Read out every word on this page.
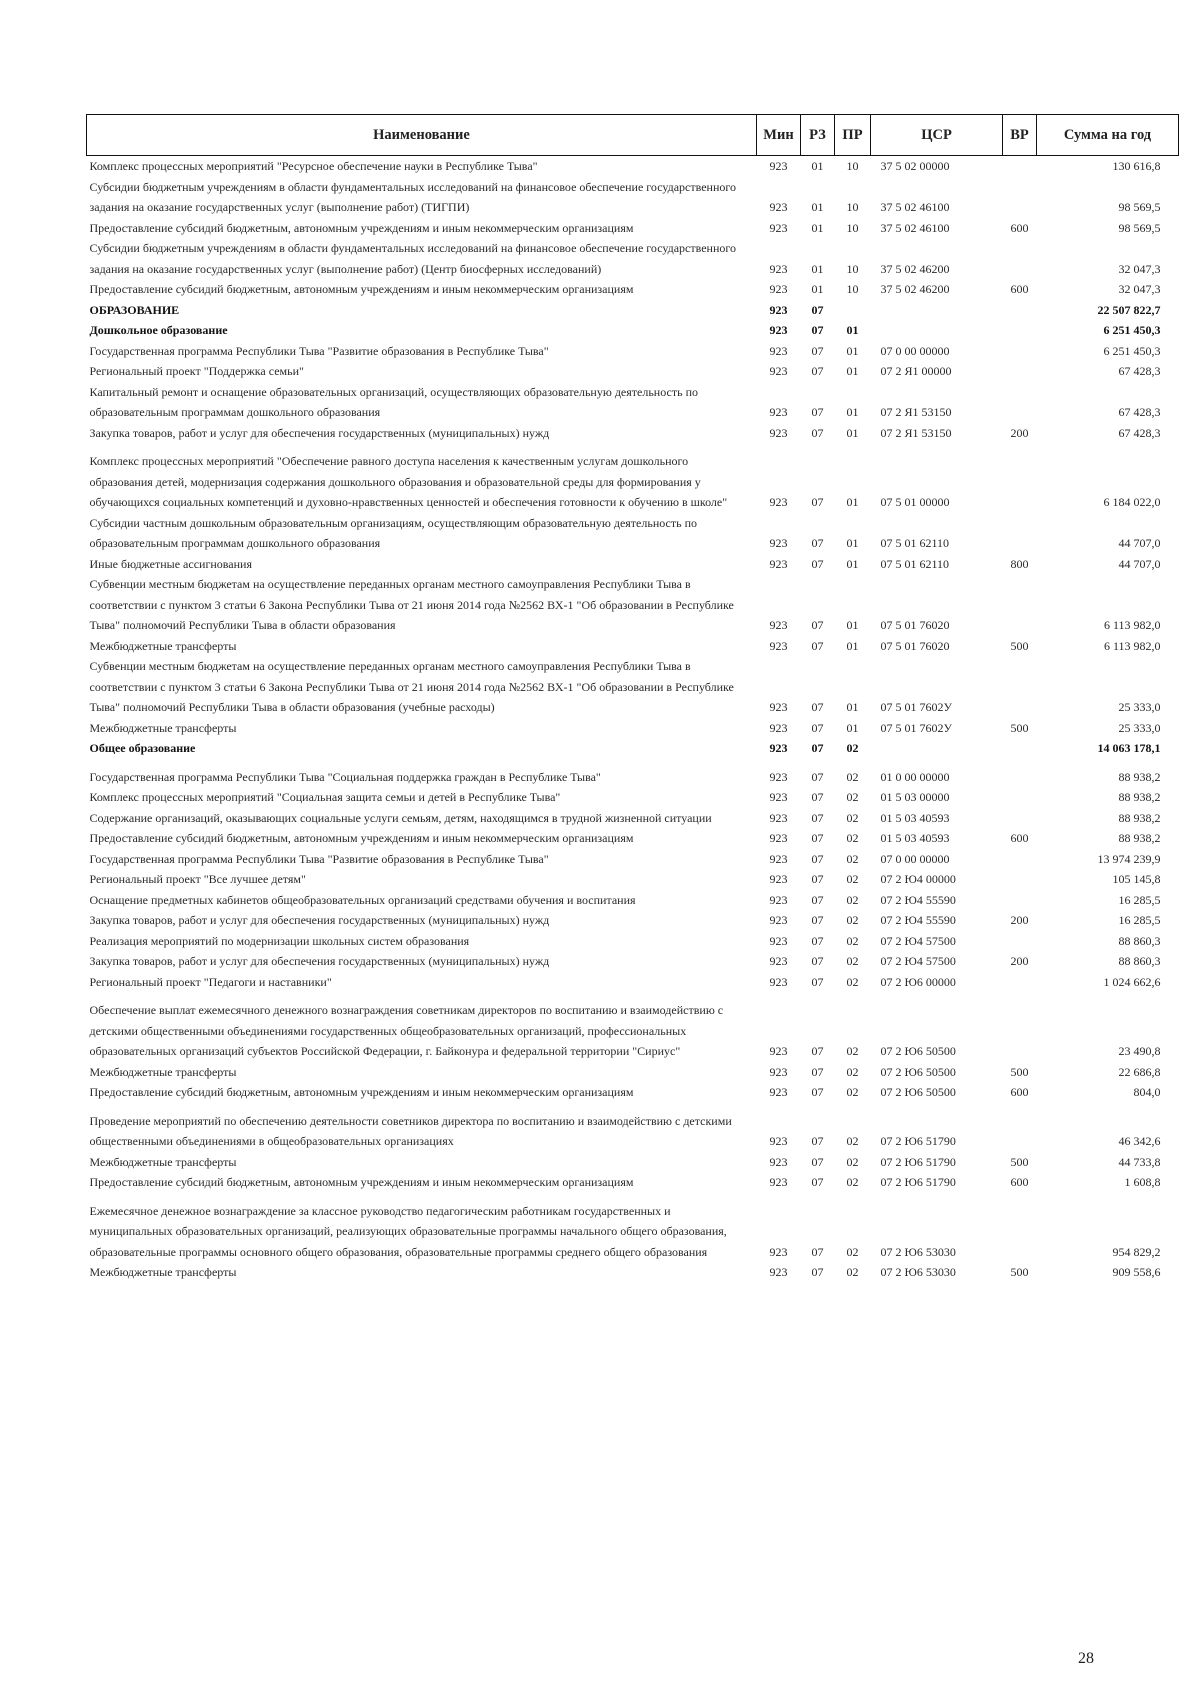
Наименование	Мин	РЗ	ПР	ЦСР	ВР	Сумма на год
Комплекс процессных мероприятий "Ресурсное обеспечение науки в Республике Тыва"	923	01	10	37 5 02 00000		130 616,8
Субсидии бюджетным учреждениям в области фундаментальных исследований на финансовое обеспечение государственного задания на оказание государственных услуг (выполнение работ) (ТИГПИ)	923	01	10	37 5 02 46100		98 569,5
Предоставление субсидий бюджетным, автономным учреждениям и иным некоммерческим организациям	923	01	10	37 5 02 46100	600	98 569,5
Субсидии бюджетным учреждениям в области фундаментальных исследований на финансовое обеспечение государственного задания на оказание государственных услуг (выполнение работ) (Центр биосферных исследований)	923	01	10	37 5 02 46200		32 047,3
Предоставление субсидий бюджетным, автономным учреждениям и иным некоммерческим организациям	923	01	10	37 5 02 46200	600	32 047,3
ОБРАЗОВАНИЕ	923	07				22 507 822,7
Дошкольное образование	923	07	01			6 251 450,3
Государственная программа Республики Тыва "Развитие образования в Республике Тыва"	923	07	01	07 0 00 00000		6 251 450,3
Региональный проект "Поддержка семьи"	923	07	01	07 2 Я1 00000		67 428,3
Капитальный ремонт и оснащение образовательных организаций, осуществляющих образовательную деятельность по образовательным программам дошкольного образования	923	07	01	07 2 Я1 53150		67 428,3
Закупка товаров, работ и услуг для обеспечения государственных (муниципальных) нужд	923	07	01	07 2 Я1 53150	200	67 428,3
Комплекс процессных мероприятий "Обеспечение равного доступа населения к качественным услугам дошкольного образования детей, модернизация содержания дошкольного образования и образовательной среды для формирования у обучающихся социальных компетенций и духовно-нравственных ценностей и обеспечения готовности к обучению в школе"	923	07	01	07 5 01 00000		6 184 022,0
Субсидии частным дошкольным образовательным организациям, осуществляющим образовательную деятельность по образовательным программам дошкольного образования	923	07	01	07 5 01 62110		44 707,0
Иные бюджетные ассигнования	923	07	01	07 5 01 62110	800	44 707,0
Субвенции местным бюджетам на осуществление переданных органам местного самоуправления Республики Тыва в соответствии с пунктом 3 статьи 6 Закона Республики Тыва от 21 июня 2014 года №2562 ВХ-1 "Об образовании в Республике Тыва" полномочий Республики Тыва в области образования	923	07	01	07 5 01 76020		6 113 982,0
Межбюджетные трансферты	923	07	01	07 5 01 76020	500	6 113 982,0
Субвенции местным бюджетам на осуществление переданных органам местного самоуправления Республики Тыва в соответствии с пунктом 3 статьи 6 Закона Республики Тыва от 21 июня 2014 года №2562 ВХ-1 "Об образовании в Республике Тыва" полномочий Республики Тыва в области образования (учебные расходы)	923	07	01	07 5 01 7602У		25 333,0
Межбюджетные трансферты	923	07	01	07 5 01 7602У	500	25 333,0
Общее образование	923	07	02			14 063 178,1
Государственная программа Республики Тыва "Социальная поддержка граждан в Республике Тыва"	923	07	02	01 0 00 00000		88 938,2
Комплекс процессных мероприятий "Социальная защита семьи и детей в Республике Тыва"	923	07	02	01 5 03 00000		88 938,2
Содержание организаций, оказывающих социальные услуги семьям, детям, находящимся в трудной жизненной ситуации	923	07	02	01 5 03 40593		88 938,2
Предоставление субсидий бюджетным, автономным учреждениям и иным некоммерческим организациям	923	07	02	01 5 03 40593	600	88 938,2
Государственная программа Республики Тыва "Развитие образования в Республике Тыва"	923	07	02	07 0 00 00000		13 974 239,9
Региональный проект "Все лучшее детям"	923	07	02	07 2 Ю4 00000		105 145,8
Оснащение предметных кабинетов общеобразовательных организаций средствами обучения и воспитания	923	07	02	07 2 Ю4 55590		16 285,5
Закупка товаров, работ и услуг для обеспечения государственных (муниципальных) нужд	923	07	02	07 2 Ю4 55590	200	16 285,5
Реализация мероприятий по модернизации школьных систем образования	923	07	02	07 2 Ю4 57500		88 860,3
Закупка товаров, работ и услуг для обеспечения государственных (муниципальных) нужд	923	07	02	07 2 Ю4 57500	200	88 860,3
Региональный проект "Педагоги и наставники"	923	07	02	07 2 Ю6 00000		1 024 662,6
Обеспечение выплат ежемесячного денежного вознаграждения советникам директоров по воспитанию и взаимодействию с детскими общественными объединениями государственных общеобразовательных организаций, профессиональных образовательных организаций субъектов Российской Федерации, г. Байконура и федеральной территории "Сириус"	923	07	02	07 2 Ю6 50500		23 490,8
Межбюджетные трансферты	923	07	02	07 2 Ю6 50500	500	22 686,8
Предоставление субсидий бюджетным, автономным учреждениям и иным некоммерческим организациям	923	07	02	07 2 Ю6 50500	600	804,0
Проведение мероприятий по обеспечению деятельности советников директора по воспитанию и взаимодействию с детскими общественными объединениями в общеобразовательных организациях	923	07	02	07 2 Ю6 51790		46 342,6
Межбюджетные трансферты	923	07	02	07 2 Ю6 51790	500	44 733,8
Предоставление субсидий бюджетным, автономным учреждениям и иным некоммерческим организациям	923	07	02	07 2 Ю6 51790	600	1 608,8
Ежемесячное денежное вознаграждение за классное руководство педагогическим работникам государственных и муниципальных образовательных организаций, реализующих образовательные программы начального общего образования, образовательные программы основного общего образования, образовательные программы среднего общего образования	923	07	02	07 2 Ю6 53030		954 829,2
Межбюджетные трансферты	923	07	02	07 2 Ю6 53030	500	909 558,6
28
